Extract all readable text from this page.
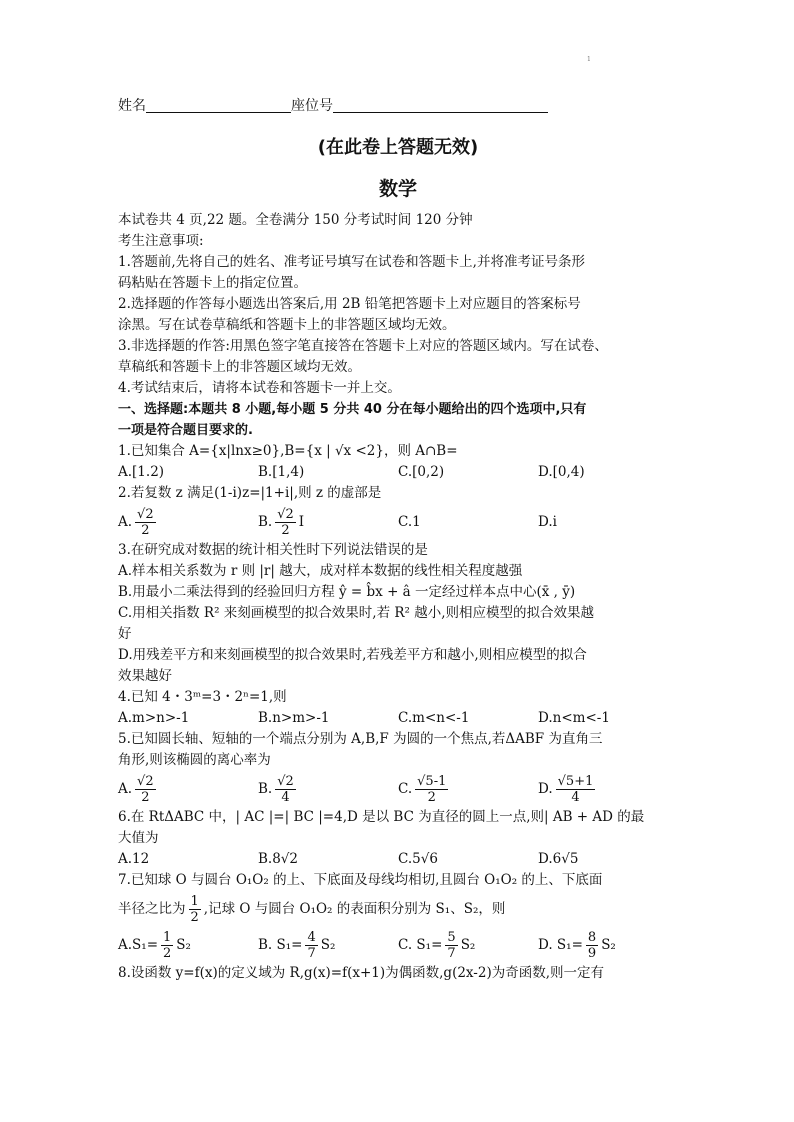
1
姓名	座位号
(在此卷上答题无效)
数学
本试卷共 4 页,22 题。全卷满分 150 分考试时间 120 分钟
考生注意事项:
1.答题前,先将自己的姓名、准考证号填写在试卷和答题卡上,并将准考证号条形
码粘贴在答题卡上的指定位置。
2.选择题的作答每小题选出答案后,用 2B 铅笔把答题卡上对应题目的答案标号
涂黑。写在试卷草稿纸和答题卡上的非答题区域均无效。
3.非选择题的作答:用黑色签字笔直接答在答题卡上对应的答题区域内。写在试卷、
草稿纸和答题卡上的非答题区域均无效。
4.考试结束后，请将本试卷和答题卡一并上交。
一、选择题:本题共 8 小题,每小题 5 分共 40 分在每小题给出的四个选项中,只有
一项是符合题目要求的.
1.已知集合 A={x|lnx≥0},B={x | √x <2}，则 A∩B=
A.[1.2)	B.[1,4)	C.[0,2)	D.[0,4)
2.若复数 z 满足(1-i)z=|1+i|,则 z 的虚部是
A. $\frac{√2}{2}$	B. $\frac{√2}{2}$ I	C.1	D.i
3.在研究成对数据的统计相关性时下列说法错误的是
A.样本相关系数为 r 则 |r| 越大，成对样本数据的线性相关程度越强
B.用最小二乘法得到的经验回归方程 ŷ = b̂x + â 一定经过样本点中心(x̄ , ȳ)
C.用相关指数 R² 来刻画模型的拟合效果时,若 R² 越小,则相应模型的拟合效果越
好
D.用残差平方和来刻画模型的拟合效果时,若残差平方和越小,则相应模型的拟合
效果越好
4.已知 4・3ᵐ=3・2ⁿ=1,则
A.m>n>-1	B.n>m>-1	C.m<n<-1	D.n<m<-1
5.已知圆长轴、短轴的一个端点分别为 A,B,F 为圆的一个焦点,若ΔABF 为直角三
角形,则该椭圆的离心率为
A. $\frac{√2}{2}$	B. $\frac{√2}{4}$	C. $\frac{√5-1}{2}$	D. $\frac{√5+1}{4}$
6.在 RtΔABC 中，| AC |=| BC |=4,D 是以 BC 为直径的圆上一点,则| AB + AD 的最
大值为
A.12	B.8√2	C.5√6	D.6√5
7.已知球 O 与圆台 O₁O₂ 的上、下底面及母线均相切,且圆台 O₁O₂ 的上、下底面
半径之比为 $\frac{1}{2}$ ,记球 O 与圆台 O₁O₂ 的表面积分别为 S₁、S₂，则
$A.S_1= \frac{1}{2} S_2$	B. $S_1= \frac{4}{7} S_2$	C. $S_1= \frac{5}{7} S_2$	D. $S_1= \frac{8}{9} S_2$
8.设函数 y=f(x)的定义域为 R,g(x)=f(x+1)为偶函数,g(2x-2)为奇函数,则一定有
